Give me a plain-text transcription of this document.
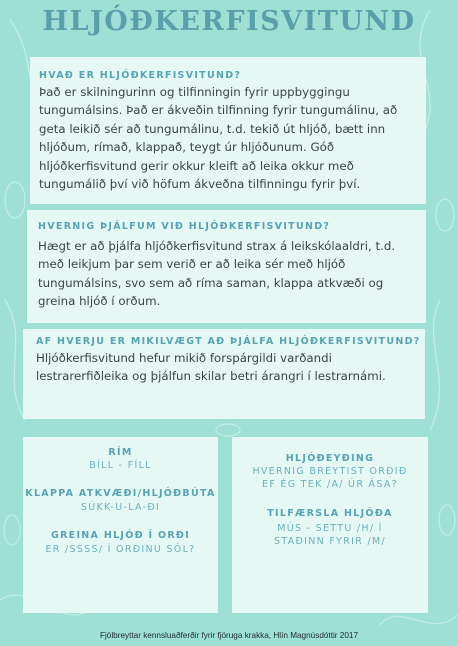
HLJÓÐKERFISVITUND
HVAÐ ER HLJÓÐKERFISVITUND?

Það er skilningurinn og tilfinningin fyrir uppbyggingu tungumálsins. Það er ákveðin tilfinning fyrir tungumálinu, að geta leikið sér að tungumálinu, t.d. tekið út hljóð, bætt inn hljóðum, rímað, klappað, teygt úr hljóðunum. Góð hljóðkerfisvitund gerir okkur kleift að leika okkur með tungumálið því við höfum ákveðna tilfinningu fyrir því.

HVERNIG ÞJÁLFUM VIÐ HLJÓÐKERFISVITUND?

Hægt er að þjálfa hljóðkerfisvitund strax á leikskólaaldri, t.d. með leikjum þar sem verið er að leika sér með hljóð tungumálsins, svo sem að ríma saman, klappa atkvæði og greina hljóð í orðum.

AF HVERJU ER MIKILVÆGT AÐ ÞJÁLFA HLJÓÐKERFISVITUND?

Hljóðkerfisvitund hefur mikið forspárgildi varðandi lestrarerfiðleika og þjálfun skilar betri árangri í lestrarnámi.

RÍM
BÍLL - FÍLL
KLAPPA ATKVÆÐI/HLJÓÐBÚTA
SÚKK-U-LA-ÐI
GREINA HLJÓÐ Í ORÐI
ER /SSSS/ Í ORÐINU SÓL?
HLJÓÐEYÐING
HVERNIG BREYTIST ORÐIÐ EF ÉG TEK /A/ ÚR ÁSA?
TILFÆRSLA HLJÓÐA
MÚS - SETTU /H/ Í STAÐINN FYRIR /M/
Fjölbreyttar kennsluaðferðir fyrir fjöruga krakka, Hlín Magnúsdóttir 2017
